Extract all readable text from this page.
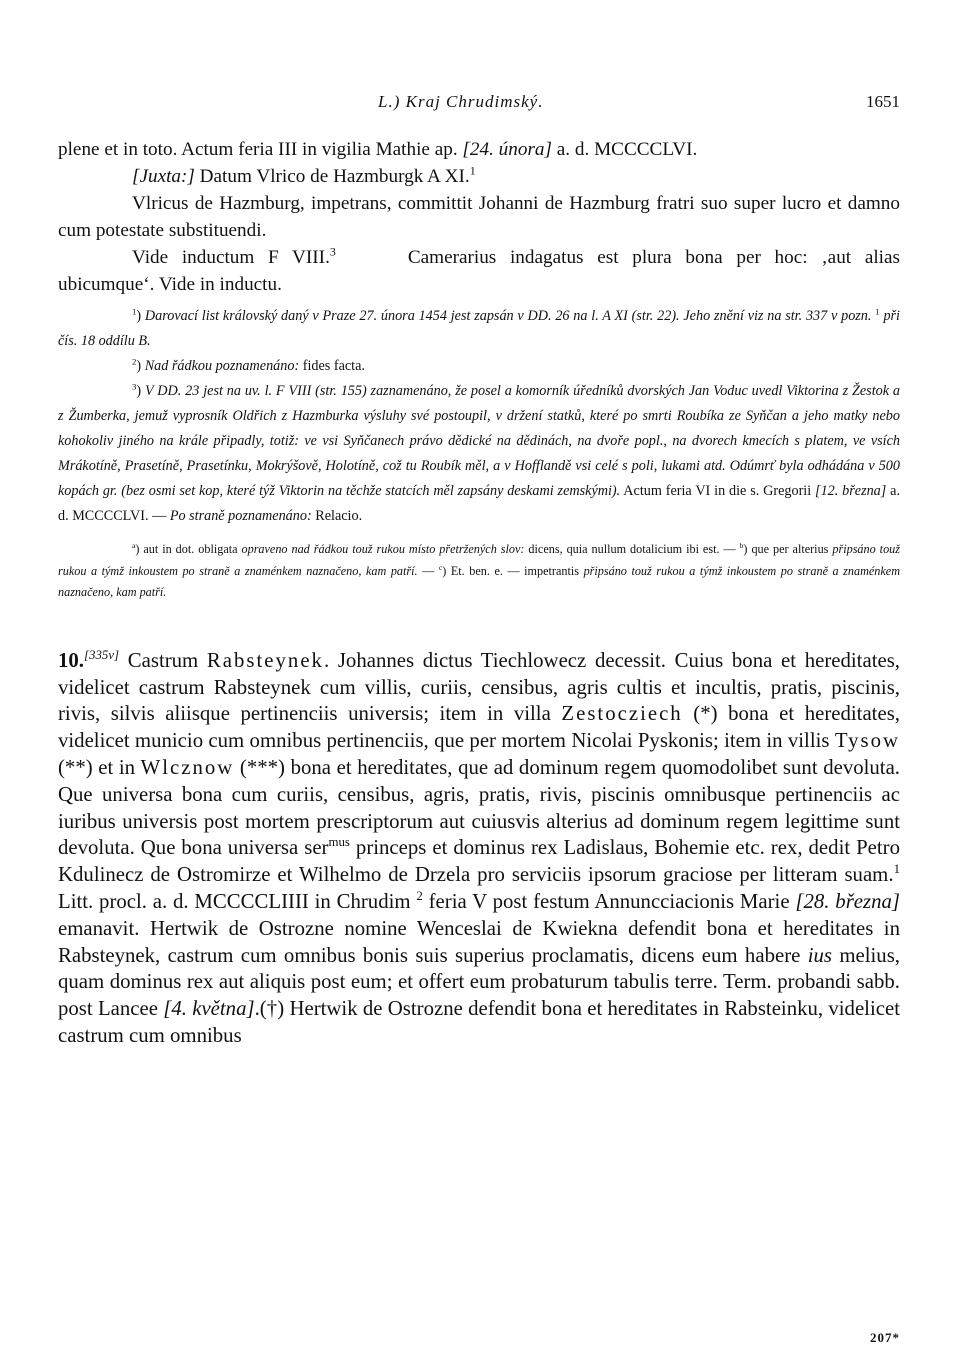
L.) Kraj Chrudimský.	1651

plene et in toto. Actum feria III in vigilia Mathie ap. [24. února] a. d. MCCCCLVI.

[Juxta:] Datum Vlrico de Hazmburgk A XI.$^1$

Vlricus de Hazmburg, impetrans, committit Johanni de Hazmburg fratri suo super lucro et damno cum potestate substituendi.

Vide inductum F VIII.$^3$	Camerarius indagatus est plura bona per hoc: ‚aut alias ubicumque‘. Vide in inductu.

$^1$) Darovací list královský daný v Praze 27. února 1454 jest zapsán v DD. 26 na l. A XI (str. 22). Jeho znění viz na str. 337 v pozn. $^1$ při čís. 18 oddílu B.

$^2$) Nad řádkou poznamenáno: fides facta.

$^3$) V DD. 23 jest na uv. l. F VIII (str. 155) zaznamenáno, že posel a komorník úředníků dvorských Jan Voduc uvedl Viktorina z Žestok a z Žumberka, jemuž vyprosník Oldřich z Hazmburka výsluhy své postoupil, v držení statků, které po smrti Roubíka ze Syňčan a jeho matky nebo kohokoliv jiného na krále připadly, totiž: ve vsi Syňčanech právo dědické na dědinách, na dvoře popl., na dvorech kmecích s platem, ve vsích Mrákotíně, Prasetíně, Prasetínku, Mokrýšově, Holotíně, což tu Roubík měl, a v Hofflandě vsi celé s poli, lukami atd. Odúmrť byla odhádána v 500 kopách gr. (bez osmi set kop, které týž Viktorin na těchže statcích měl zapsány deskami zemskými). Actum feria VI in die s. Gregorii [12. března] a. d. MCCCCLVI. — Po straně poznamenáno: Relacio.

$^a$) aut in dot. obligata opraveno nad řádkou touž rukou místo přetržených slov: dicens, quia nullum dotalicium ibi est. — $^b$) que per alterius připsáno touž rukou a týmž inkoustem po straně a znaménkem naznačeno, kam patří. — $^c$) Et. ben. e. — impetrantis připsáno touž rukou a týmž inkoustem po straně a znaménkem naznačeno, kam patří.

10.[335v] Castrum Rabsteynek. Johannes dictus Tiechlowecz decessit. Cuius bona et hereditates, videlicet castrum Rabsteynek cum villis, curiis, censibus, agris cultis et incultis, pratis, piscinis, rivis, silvis aliisque pertinenciis universis; item in villa Zestocziech (*) bona et hereditates, videlicet municio cum omnibus pertinenciis, que per mortem Nicolai Pyskonis; item in villis Tysow (**) et in Wlcznow (***) bona et hereditates, que ad dominum regem quomodolibet sunt devoluta. Que universa bona cum curiis, censibus, agris, pratis, rivis, piscinis omnibusque pertinenciis ac iuribus universis post mortem prescriptorum aut cuiusvis alterius ad dominum regem legittime sunt devoluta. Que bona universa ser$^{mus}$ princeps et dominus rex Ladislaus, Bohemie etc. rex, dedit Petro Kdulinecz de Ostromirze et Wilhelmo de Drzela pro serviciis ipsorum graciose per litteram suam.$^1$ Litt. procl. a. d. MCCCCLIIII in Chrudim $^2$ feria V post festum Annuncciacionis Marie [28. března] emanavit. Hertwik de Ostrozne nomine Wenceslai de Kwiekna defendit bona et hereditates in Rabsteynek, castrum cum omnibus bonis suis superius proclamatis, dicens eum habere ius melius, quam dominus rex aut aliquis post eum; et offert eum probaturum tabulis terre. Term. probandi sabb. post Lancee [4. května].(†) Hertwik de Ostrozne defendit bona et hereditates in Rabsteinku, videlicet castrum cum omnibus

207*
